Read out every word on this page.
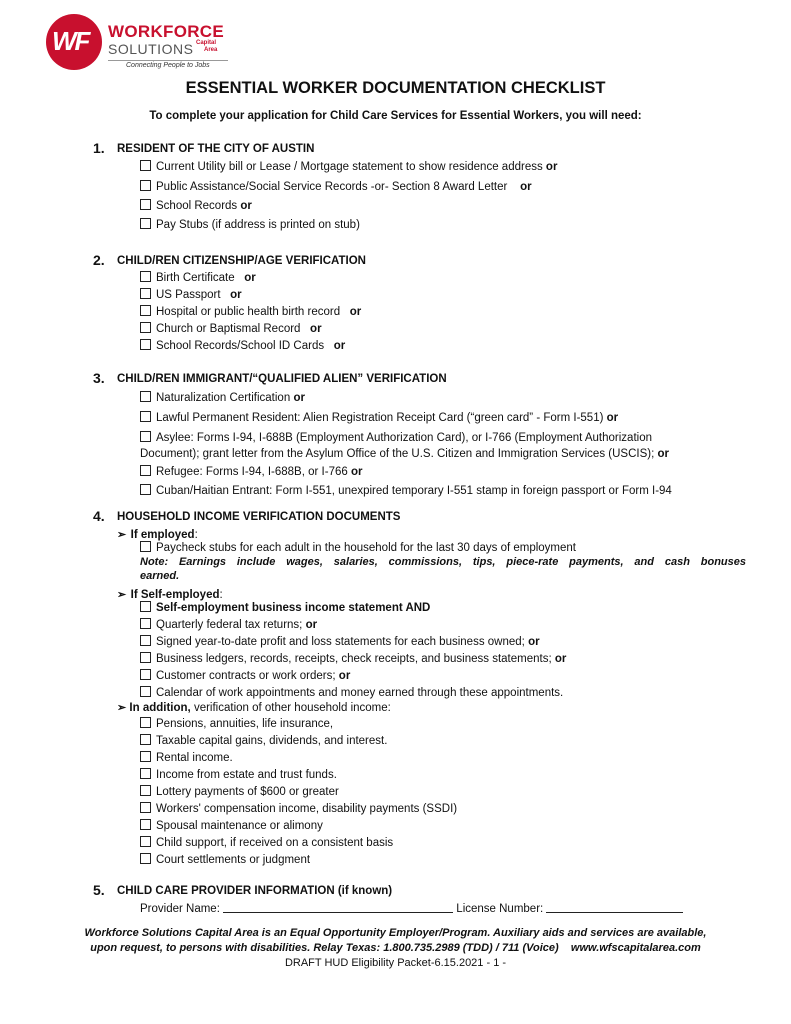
WF WORKFORCE
SOLUTIONS Capital
Area
Connecting People to Jobs
ESSENTIAL WORKER DOCUMENTATION CHECKLIST
To complete your application for Child Care Services for Essential Workers, you will need:
1. RESIDENT OF THE CITY OF AUSTIN
Current Utility bill or Lease / Mortgage statement to show residence address or
Public Assistance/Social Service Records -or- Section 8 Award Letter or
School Records or
Pay Stubs (if address is printed on stub)
2. CHILD/REN CITIZENSHIP/AGE VERIFICATION
Birth Certificate or
US Passport or
Hospital or public health birth record or
Church or Baptismal Record or
School Records/School ID Cards or
3. CHILD/REN IMMIGRANT/“QUALIFIED ALIEN” VERIFICATION
Naturalization Certification or
Lawful Permanent Resident: Alien Registration Receipt Card (“green card” - Form I-551) or
Asylee: Forms I-94, I-688B (Employment Authorization Card), or I-766 (Employment Authorization
Document); grant letter from the Asylum Office of the U.S. Citizen and Immigration Services (USCIS); or
Refugee: Forms I-94, I-688B, or I-766 or
Cuban/Haitian Entrant: Form I-551, unexpired temporary I-551 stamp in foreign passport or Form I-94
4. HOUSEHOLD INCOME VERIFICATION DOCUMENTS
➢ If employed:
Paycheck stubs for each adult in the household for the last 30 days of employment
Note: Earnings include wages, salaries, commissions, tips, piece-rate payments, and cash bonuses
earned.
➢ If Self-employed:
Self-employment business income statement AND
Quarterly federal tax returns; or
Signed year-to-date profit and loss statements for each business owned; or
Business ledgers, records, receipts, check receipts, and business statements; or
Customer contracts or work orders; or
Calendar of work appointments and money earned through these appointments.
➢ In addition, verification of other household income:
Pensions, annuities, life insurance,
Taxable capital gains, dividends, and interest.
Rental income.
Income from estate and trust funds.
Lottery payments of $600 or greater
Workers' compensation income, disability payments (SSDI)
Spousal maintenance or alimony
Child support, if received on a consistent basis
Court settlements or judgment
5. CHILD CARE PROVIDER INFORMATION (if known)
Provider Name:	License Number:
Workforce Solutions Capital Area is an Equal Opportunity Employer/Program. Auxiliary aids and services are available,
upon request, to persons with disabilities. Relay Texas: 1.800.735.2989 (TDD) / 711 (Voice)    www.wfscapitalarea.com
DRAFT HUD Eligibility Packet-6.15.2021 - 1 -
